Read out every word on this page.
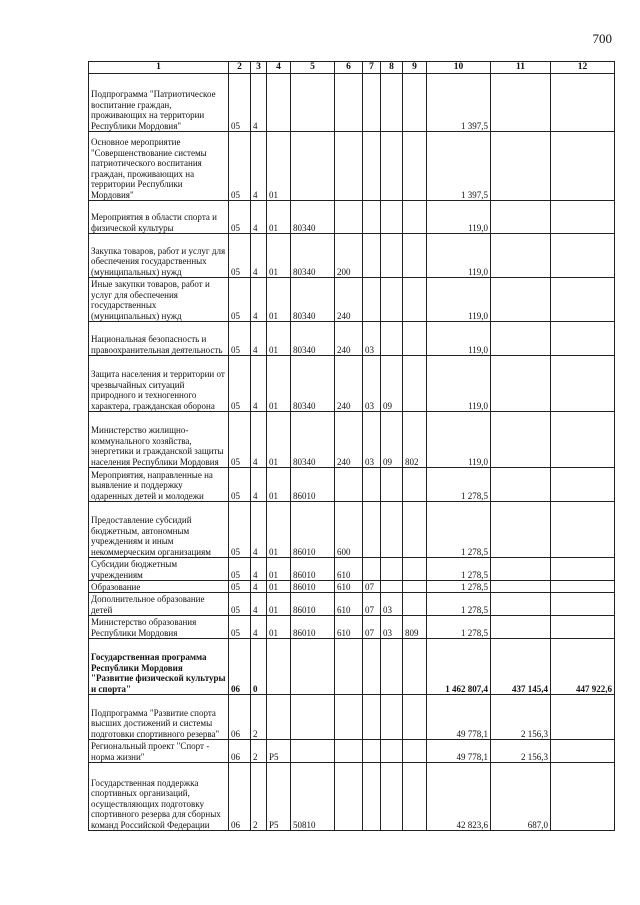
700
1	2	3	4	5	6	7	8	9	10	11	12
Подпрограмма "Патриотическое воспитание граждан, проживающих на территории Республики Мордовия"	05	4							1 397,5		
Основное мероприятие "Совершенствование системы патриотического воспитания граждан, проживающих на территории Республики Мордовия"	05	4	01						1 397,5		
Мероприятия в области спорта и физической культуры	05	4	01	80340					119,0		
Закупка товаров, работ и услуг для обеспечения государственных (муниципальных) нужд	05	4	01	80340	200				119,0		
Иные закупки товаров, работ и услуг для обеспечения государственных (муниципальных) нужд	05	4	01	80340	240				119,0		
Национальная безопасность и правоохранительная деятельность	05	4	01	80340	240	03			119,0		
Защита населения и территории от чрезвычайных ситуаций природного и техногенного характера, гражданская оборона	05	4	01	80340	240	03	09		119,0		
Министерство жилищно-коммунального хозяйства, энергетики и гражданской защиты населения Республики Мордовия	05	4	01	80340	240	03	09	802	119,0		
Мероприятия, направленные на выявление и поддержку одаренных детей и молодежи	05	4	01	86010					1 278,5		
Предоставление субсидий бюджетным, автономным учреждениям и иным некоммерческим организациям	05	4	01	86010	600				1 278,5		
Субсидии бюджетным учреждениям	05	4	01	86010	610				1 278,5		
Образование	05	4	01	86010	610	07			1 278,5		
Дополнительное образование детей	05	4	01	86010	610	07	03		1 278,5		
Министерство образования Республики Мордовия	05	4	01	86010	610	07	03	809	1 278,5		
Государственная программа Республики Мордовия "Развитие физической культуры и спорта"	06	0							1 462 807,4	437 145,4	447 922,6
Подпрограмма "Развитие спорта высших достижений и системы подготовки спортивного резерва"	06	2							49 778,1	2 156,3	
Региональный проект "Спорт - норма жизни"	06	2	Р5						49 778,1	2 156,3	
Государственная поддержка спортивных организаций, осуществляющих подготовку спортивного резерва для сборных команд Российской Федерации	06	2	Р5	50810					42 823,6	687,0	
